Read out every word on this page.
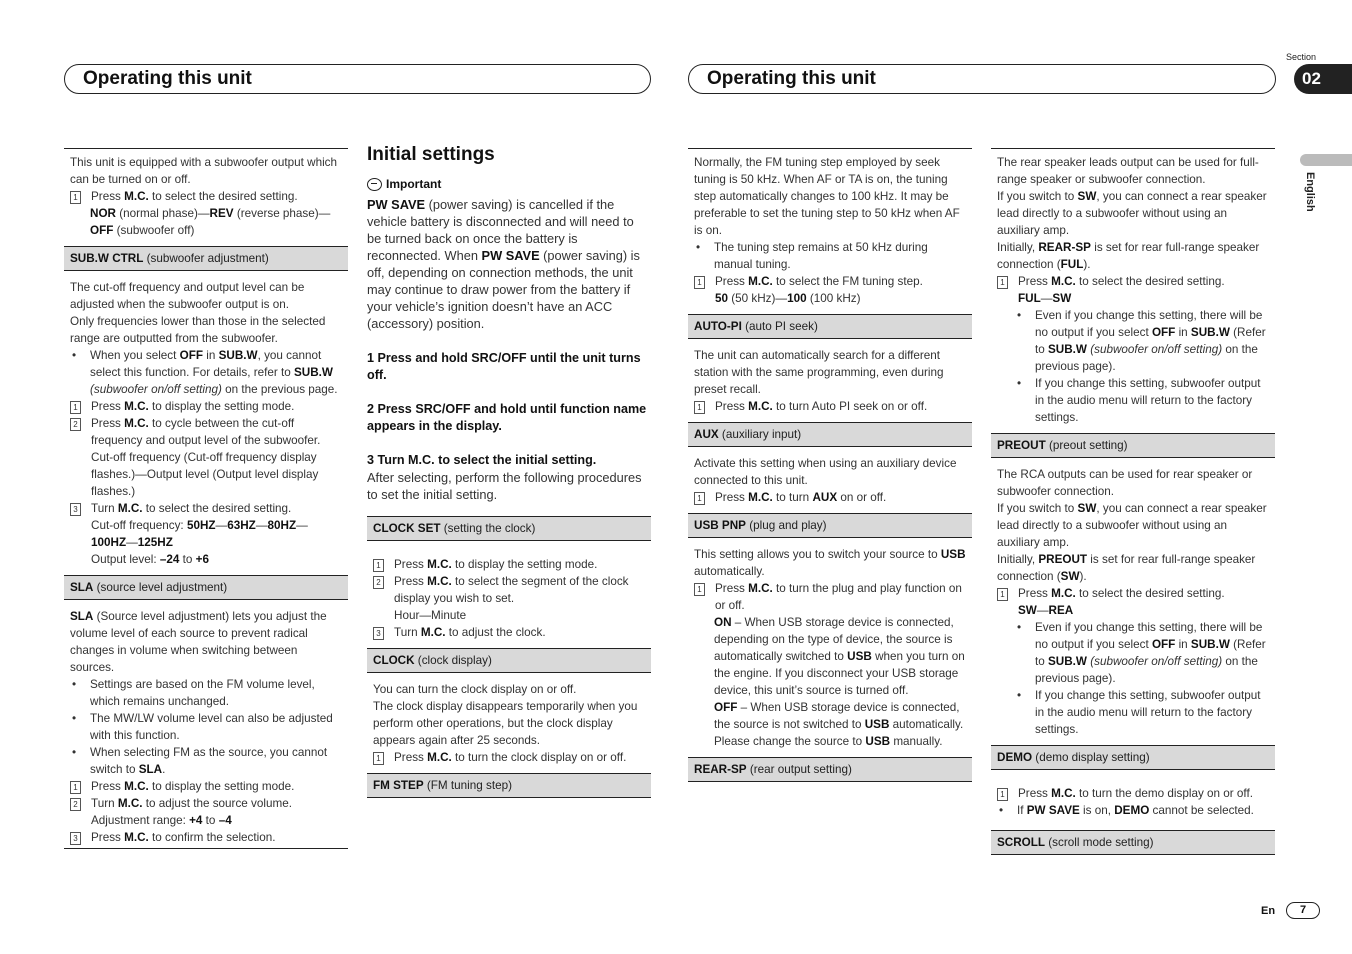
Operating this unit	Operating this unit
Section
02
English

This unit is equipped with a subwoofer output which can be turned on or off.

1 Press M.C. to select the desired setting.

NOR (normal phase)—REV (reverse phase)—
OFF (subwoofer off)

SUB.W CTRL (subwoofer adjustment)

The cut-off frequency and output level can be adjusted when the subwoofer output is on.

Only frequencies lower than those in the selected range are outputted from the subwoofer.

•	When you select OFF in SUB.W, you cannot select this function. For details, refer to SUB.W
(subwoofer on/off setting) on the previous page.
1 Press M.C. to display the setting mode.
2 Press M.C. to cycle between the cut-off frequency and output level of the subwoofer.
Cut-off frequency (Cut-off frequency display flashes.)—Output level (Output level display flashes.)
3 Turn M.C. to select the desired setting.
Cut-off frequency: 50HZ—63HZ—80HZ—
100HZ—125HZ
Output level: –24 to +6
SLA (source level adjustment)

SLA (Source level adjustment) lets you adjust the volume level of each source to prevent radical changes in volume when switching between sources.

•	Settings are based on the FM volume level, which remains unchanged.
•	The MW/LW volume level can also be adjusted with this function.
•	When selecting FM as the source, you cannot switch to SLA.
1 Press M.C. to display the setting mode.
2 Turn M.C. to adjust the source volume.
Adjustment range: +4 to –4
3 Press M.C. to confirm the selection.
Initial settings
Important

PW SAVE (power saving) is cancelled if the vehicle battery is disconnected and will need to be turned back on once the battery is reconnected. When PW SAVE (power saving) is off, depending on connection methods, the unit may continue to draw power from the battery if your vehicle’s ignition doesn’t have an ACC (accessory) position.

1 Press and hold SRC/OFF until the unit turns off.

2 Press SRC/OFF and hold until function name appears in the display.

3 Turn M.C. to select the initial setting.

After selecting, perform the following procedures to set the initial setting.

CLOCK SET (setting the clock)
1 Press M.C. to display the setting mode.
2 Press M.C. to select the segment of the clock display you wish to set.
Hour—Minute
3 Turn M.C. to adjust the clock.
CLOCK (clock display)

You can turn the clock display on or off.

The clock display disappears temporarily when you perform other operations, but the clock display appears again after 25 seconds.

1 Press M.C. to turn the clock display on or off.
FM STEP (FM tuning step)

Normally, the FM tuning step employed by seek tuning is 50 kHz. When AF or TA is on, the tuning step automatically changes to 100 kHz. It may be preferable to set the tuning step to 50 kHz when AF is on.

•	The tuning step remains at 50 kHz during manual tuning.
1 Press M.C. to select the FM tuning step.
50 (50 kHz)—100 (100 kHz)
AUTO-PI (auto PI seek)

The unit can automatically search for a different station with the same programming, even during preset recall.

1 Press M.C. to turn Auto PI seek on or off.
AUX (auxiliary input)

Activate this setting when using an auxiliary device connected to this unit.

1 Press M.C. to turn AUX on or off.
USB PNP (plug and play)

This setting allows you to switch your source to USB automatically.

1 Press M.C. to turn the plug and play function on or off.

ON – When USB storage device is connected, depending on the type of device, the source is automatically switched to USB when you turn on the engine. If you disconnect your USB storage device, this unit’s source is turned off.

OFF – When USB storage device is connected, the source is not switched to USB automatically. Please change the source to USB manually.

REAR-SP (rear output setting)

The rear speaker leads output can be used for full-range speaker or subwoofer connection.

If you switch to SW, you can connect a rear speaker lead directly to a subwoofer without using an auxiliary amp.

Initially, REAR-SP is set for rear full-range speaker connection (FUL).

1 Press M.C. to select the desired setting.
FUL—SW
•	Even if you change this setting, there will be no output if you select OFF in SUB.W (Refer to SUB.W (subwoofer on/off setting) on the previous page).
•	If you change this setting, subwoofer output in the audio menu will return to the factory settings.
PREOUT (preout setting)

The RCA outputs can be used for rear speaker or subwoofer connection.

If you switch to SW, you can connect a rear speaker lead directly to a subwoofer without using an auxiliary amp.

Initially, PREOUT is set for rear full-range speaker connection (SW).

1 Press M.C. to select the desired setting.
SW—REA
•	Even if you change this setting, there will be no output if you select OFF in SUB.W (Refer to SUB.W (subwoofer on/off setting) on the previous page).
•	If you change this setting, subwoofer output in the audio menu will return to the factory settings.
DEMO (demo display setting)
1 Press M.C. to turn the demo display on or off.
•	If PW SAVE is on, DEMO cannot be selected.
SCROLL (scroll mode setting)
En	7
